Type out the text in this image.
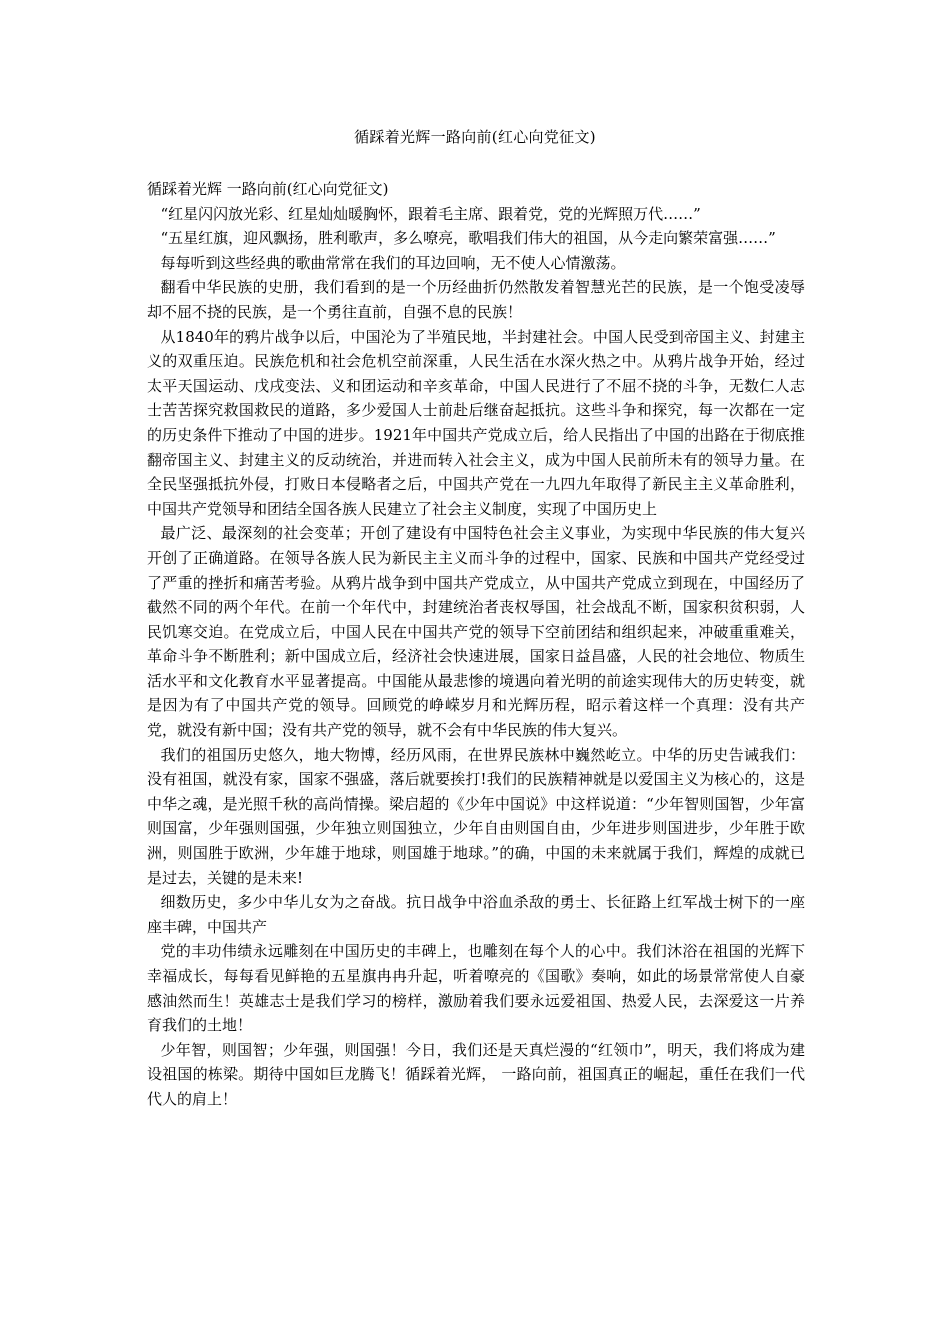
循踩着光辉一路向前(红心向党征文)

循踩着光辉 一路向前(红心向党征文)

“红星闪闪放光彩、红星灿灿暖胸怀，跟着毛主席、跟着党，党的光辉照万代……”

“五星红旗，迎风飘扬，胜利歌声，多么嘹亮，歌唱我们伟大的祖国，从今走向繁荣富强……”

每每听到这些经典的歌曲常常在我们的耳边回响，无不使人心情激荡。

翻看中华民族的史册，我们看到的是一个历经曲折仍然散发着智慧光芒的民族，是一个饱受凌辱却不屈不挠的民族，是一个勇往直前，自强不息的民族！

从1840年的鸦片战争以后，中国沦为了半殖民地，半封建社会。中国人民受到帝国主义、封建主义的双重压迫。民族危机和社会危机空前深重，人民生活在水深火热之中。从鸦片战争开始，经过太平天国运动、戊戌变法、义和团运动和辛亥革命，中国人民进行了不屈不挠的斗争，无数仁人志士苦苦探究救国救民的道路，多少爱国人士前赴后继奋起抵抗。这些斗争和探究，每一次都在一定的历史条件下推动了中国的进步。1921年中国共产党成立后，给人民指出了中国的出路在于彻底推翻帝国主义、封建主义的反动统治，并进而转入社会主义，成为中国人民前所未有的领导力量。在全民坚强抵抗外侵，打败日本侵略者之后，中国共产党在一九四九年取得了新民主主义革命胜利，中国共产党领导和团结全国各族人民建立了社会主义制度，实现了中国历史上

最广泛、最深刻的社会变革；开创了建设有中国特色社会主义事业，为实现中华民族的伟大复兴开创了正确道路。在领导各族人民为新民主主义而斗争的过程中，国家、民族和中国共产党经受过了严重的挫折和痛苦考验。从鸦片战争到中国共产党成立，从中国共产党成立到现在，中国经历了截然不同的两个年代。在前一个年代中，封建统治者丧权辱国，社会战乱不断，国家积贫积弱，人民饥寒交迫。在党成立后，中国人民在中国共产党的领导下空前团结和组织起来，冲破重重难关，革命斗争不断胜利；新中国成立后，经济社会快速进展，国家日益昌盛，人民的社会地位、物质生活水平和文化教育水平显著提高。中国能从最悲惨的境遇向着光明的前途实现伟大的历史转变，就是因为有了中国共产党的领导。回顾党的峥嵘岁月和光辉历程，昭示着这样一个真理：没有共产党，就没有新中国；没有共产党的领导，就不会有中华民族的伟大复兴。

我们的祖国历史悠久，地大物博，经历风雨，在世界民族林中巍然屹立。中华的历史告诫我们：没有祖国，就没有家，国家不强盛，落后就要挨打!我们的民族精神就是以爱国主义为核心的，这是中华之魂，是光照千秋的高尚情操。梁启超的《少年中国说》中这样说道：“少年智则国智，少年富则国富，少年强则国强，少年独立则国独立，少年自由则国自由，少年进步则国进步，少年胜于欧洲，则国胜于欧洲，少年雄于地球，则国雄于地球。”的确，中国的未来就属于我们，辉煌的成就已是过去，关键的是未来!

细数历史，多少中华儿女为之奋战。抗日战争中浴血杀敌的勇士、长征路上红军战士树下的一座座丰碑，中国共产

党的丰功伟绩永远雕刻在中国历史的丰碑上，也雕刻在每个人的心中。我们沐浴在祖国的光辉下幸福成长，每每看见鲜艳的五星旗冉冉升起，听着嘹亮的《国歌》奏响，如此的场景常常使人自豪感油然而生！英雄志士是我们学习的榜样，激励着我们要永远爱祖国、热爱人民，去深爱这一片养育我们的土地！

少年智，则国智；少年强，则国强！今日，我们还是天真烂漫的“红领巾”，明天，我们将成为建设祖国的栋梁。期待中国如巨龙腾飞！循踩着光辉， 一路向前，祖国真正的崛起，重任在我们一代代人的肩上！
